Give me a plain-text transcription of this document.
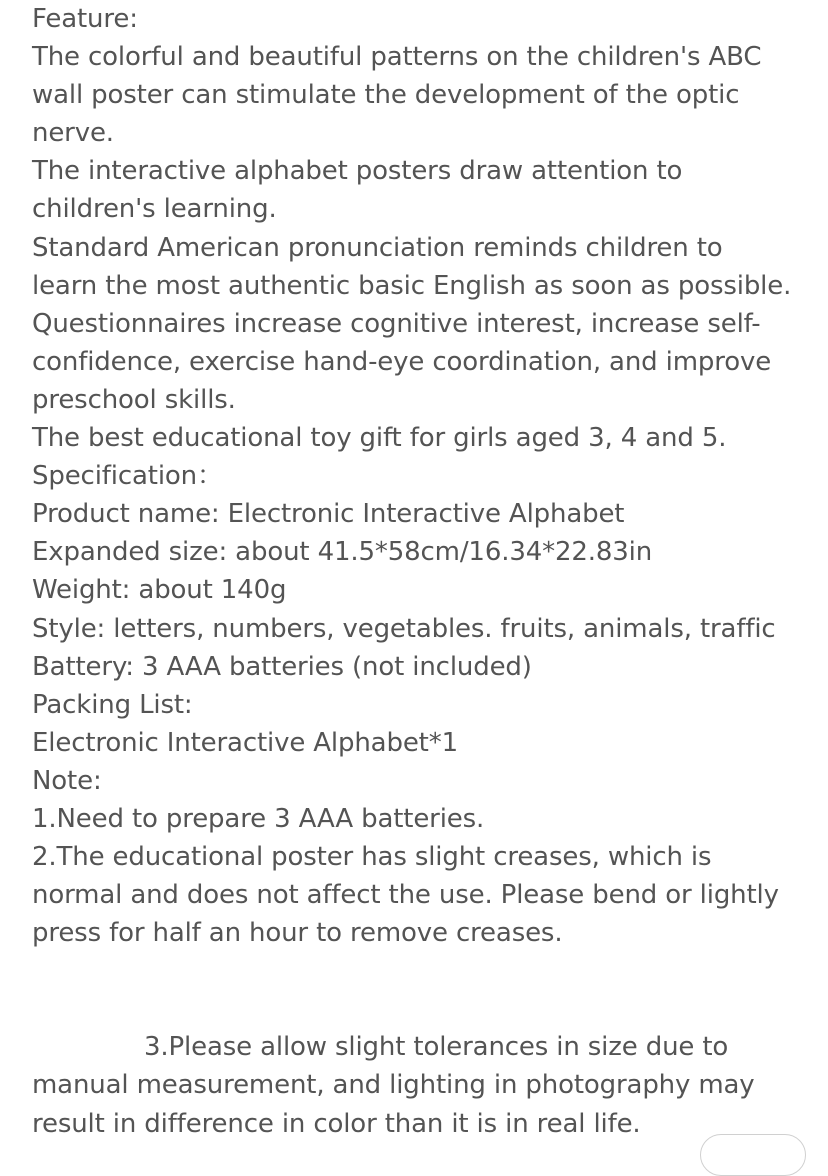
Feature:
The colorful and beautiful patterns on the children's ABC
wall poster can stimulate the development of the optic
nerve.
The interactive alphabet posters draw attention to
children's learning.
Standard American pronunciation reminds children to
learn the most authentic basic English as soon as possible.
Questionnaires increase cognitive interest, increase self-
confidence, exercise hand-eye coordination, and improve
preschool skills.
The best educational toy gift for girls aged 3, 4 and 5.
Specification：
Product name: Electronic Interactive Alphabet
Expanded size: about 41.5*58cm/16.34*22.83in
Weight: about 140g
Style: letters, numbers, vegetables. fruits, animals, traffic
Battery: 3 AAA batteries (not included)
Packing List:
Electronic Interactive Alphabet*1
Note:
1.Need to prepare 3 AAA batteries.
2.The educational poster has slight creases, which is
normal and does not affect the use. Please bend or lightly
press for half an hour to remove creases.
3.Please allow slight tolerances in size due to
manual measurement, and lighting in photography may
result in difference in color than it is in real life.
